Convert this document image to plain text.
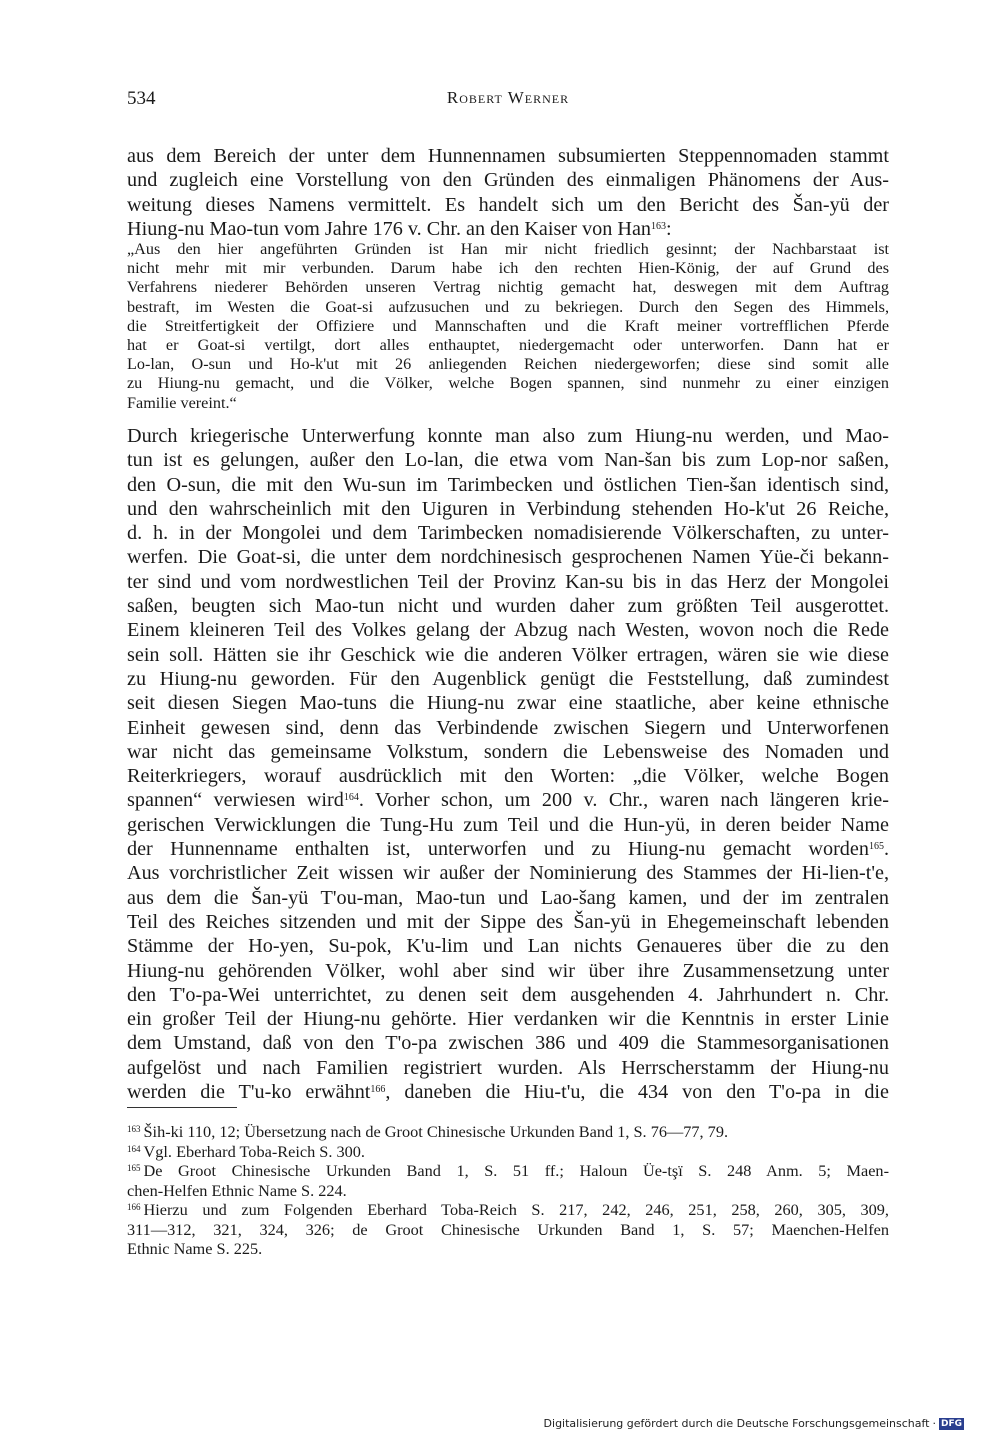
534	Robert Werner
aus dem Bereich der unter dem Hunnennamen subsumierten Steppennomaden stammt
und zugleich eine Vorstellung von den Gründen des einmaligen Phänomens der Aus-
weitung dieses Namens vermittelt. Es handelt sich um den Bericht des Šan-yü der
Hiung-nu Mao-tun vom Jahre 176 v. Chr. an den Kaiser von Han$^{163}$:
„Aus den hier angeführten Gründen ist Han mir nicht friedlich gesinnt; der Nachbarstaat ist
nicht mehr mit mir verbunden. Darum habe ich den rechten Hien-König, der auf Grund des
Verfahrens niederer Behörden unseren Vertrag nichtig gemacht hat, deswegen mit dem Auftrag
bestraft, im Westen die Goat-si aufzusuchen und zu bekriegen. Durch den Segen des Himmels,
die Streitfertigkeit der Offiziere und Mannschaften und die Kraft meiner vortrefflichen Pferde
hat er Goat-si vertilgt, dort alles enthauptet, niedergemacht oder unterworfen. Dann hat er
Lo-lan, O-sun und Ho-k'ut mit 26 anliegenden Reichen niedergeworfen; diese sind somit alle
zu Hiung-nu gemacht, und die Völker, welche Bogen spannen, sind nunmehr zu einer einzigen
Familie vereint.“
Durch kriegerische Unterwerfung konnte man also zum Hiung-nu werden, und Mao-
tun ist es gelungen, außer den Lo-lan, die etwa vom Nan-šan bis zum Lop-nor saßen,
den O-sun, die mit den Wu-sun im Tarimbecken und östlichen Tien-šan identisch sind,
und den wahrscheinlich mit den Uiguren in Verbindung stehenden Ho-k'ut 26 Reiche,
d. h. in der Mongolei und dem Tarimbecken nomadisierende Völkerschaften, zu unter-
werfen. Die Goat-si, die unter dem nordchinesisch gesprochenen Namen Yüe-či bekann-
ter sind und vom nordwestlichen Teil der Provinz Kan-su bis in das Herz der Mongolei
saßen, beugten sich Mao-tun nicht und wurden daher zum größten Teil ausgerottet.
Einem kleineren Teil des Volkes gelang der Abzug nach Westen, wovon noch die Rede
sein soll. Hätten sie ihr Geschick wie die anderen Völker ertragen, wären sie wie diese
zu Hiung-nu geworden. Für den Augenblick genügt die Feststellung, daß zumindest
seit diesen Siegen Mao-tuns die Hiung-nu zwar eine staatliche, aber keine ethnische
Einheit gewesen sind, denn das Verbindende zwischen Siegern und Unterworfenen
war nicht das gemeinsame Volkstum, sondern die Lebensweise des Nomaden und
Reiterkriegers, worauf ausdrücklich mit den Worten: „die Völker, welche Bogen
spannen“ verwiesen wird$^{164}$. Vorher schon, um 200 v. Chr., waren nach längeren krie-
gerischen Verwicklungen die Tung-Hu zum Teil und die Hun-yü, in deren beider Name
der Hunnenname enthalten ist, unterworfen und zu Hiung-nu gemacht worden$^{165}$.
Aus vorchristlicher Zeit wissen wir außer der Nominierung des Stammes der Hi-lien-t'e,
aus dem die Šan-yü T'ou-man, Mao-tun und Lao-šang kamen, und der im zentralen
Teil des Reiches sitzenden und mit der Sippe des Šan-yü in Ehegemeinschaft lebenden
Stämme der Ho-yen, Su-pok, K'u-lim und Lan nichts Genaueres über die zu den
Hiung-nu gehörenden Völker, wohl aber sind wir über ihre Zusammensetzung unter
den T'o-pa-Wei unterrichtet, zu denen seit dem ausgehenden 4. Jahrhundert n. Chr.
ein großer Teil der Hiung-nu gehörte. Hier verdanken wir die Kenntnis in erster Linie
dem Umstand, daß von den T'o-pa zwischen 386 und 409 die Stammesorganisationen
aufgelöst und nach Familien registriert wurden. Als Herrscherstamm der Hiung-nu
werden die T'u-ko erwähnt$^{166}$, daneben die Hiu-t'u, die 434 von den T'o-pa in die
$^{163}$ Ših-ki 110, 12; Übersetzung nach de Groot Chinesische Urkunden Band 1, S. 76—77, 79.
$^{164}$ Vgl. Eberhard Toba-Reich S. 300.
$^{165}$ De Groot Chinesische Urkunden Band 1, S. 51 ff.; Haloun Üe-tşï S. 248 Anm. 5; Maen-
chen-Helfen Ethnic Name S. 224.
$^{166}$ Hierzu und zum Folgenden Eberhard Toba-Reich S. 217, 242, 246, 251, 258, 260, 305, 309,
311—312, 321, 324, 326; de Groot Chinesische Urkunden Band 1, S. 57; Maenchen-Helfen
Ethnic Name S. 225.
Digitalisierung gefördert durch die Deutsche Forschungsgemeinschaft · DFG
